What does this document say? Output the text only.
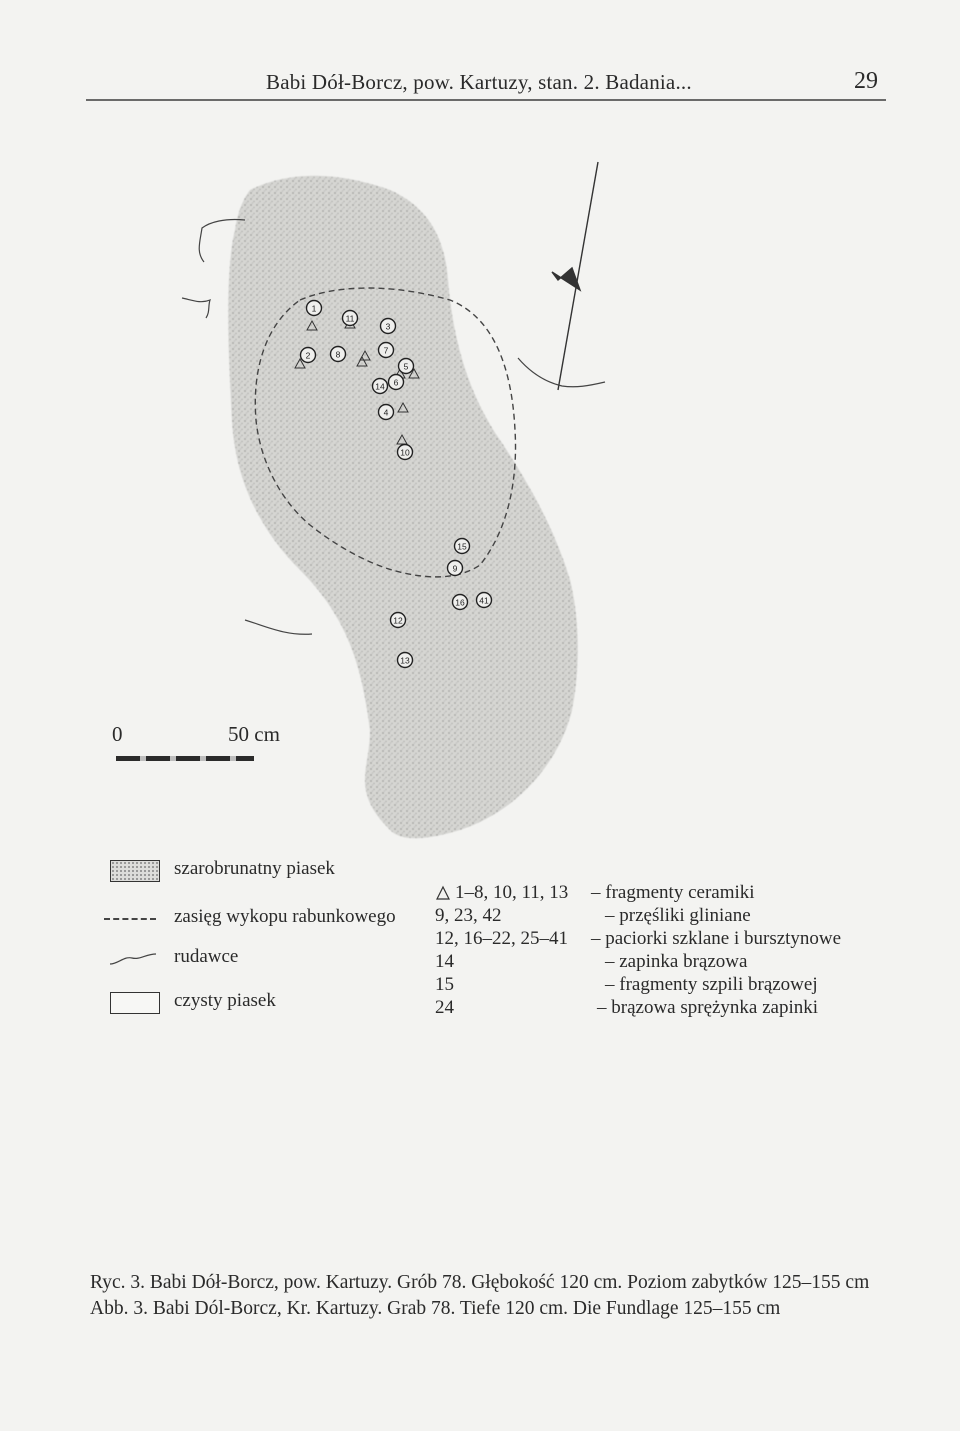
Babi Dół-Borcz, pow. Kartuzy, stan. 2. Badania...	29
1
11
3
2	8	7
5
6
14
4
10
15
9
16 41
12
13
0	50 cm
szarobrunatny piasek
zasięg wykopu rabunkowego
rudawce
czysty piasek
1–8, 10, 11, 13 – fragmenty ceramiki
9, 23, 42	– przęśliki gliniane
12, 16–22, 25–41 – paciorki szklane i bursztynowe
14	– zapinka brązowa
15	– fragmenty szpili brązowej
24	– brązowa sprężynka zapinki
Ryc. 3. Babi Dół-Borcz, pow. Kartuzy. Grób 78. Głębokość 120 cm. Poziom zabytków 125–155 cm
Abb. 3. Babi Dól-Borcz, Kr. Kartuzy. Grab 78. Tiefe 120 cm. Die Fundlage 125–155 cm
